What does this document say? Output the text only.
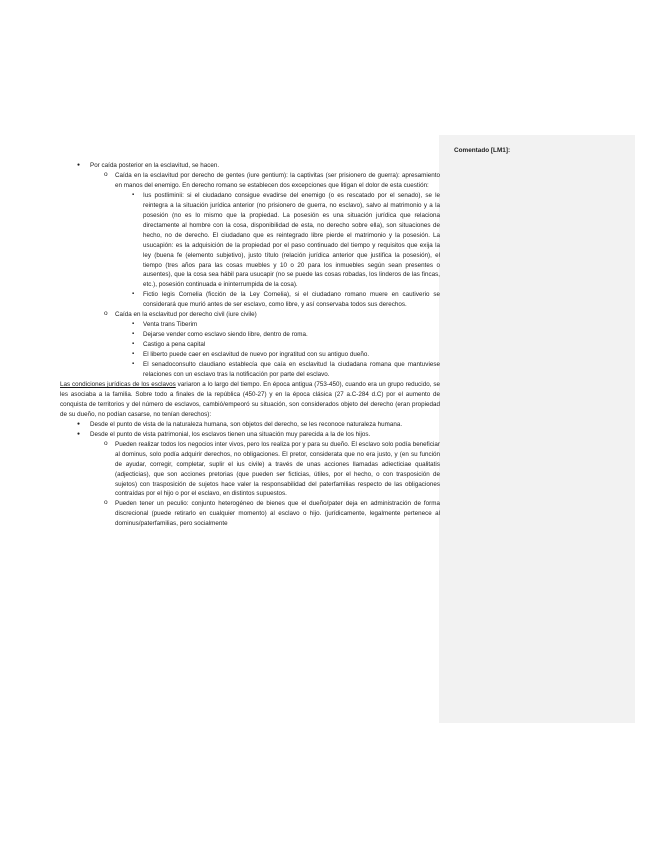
Comentado [LM1]:
● Por caída posterior en la esclavitud, se hacen.
o Caída en la esclavitud por derecho de gentes (iure gentium): la captivitas (ser prisionero de guerra): apresamiento en manos del enemigo. En derecho romano se establecen dos excepciones que litigan el dolor de esta cuestión:
▪ Ius postliminii: si el ciudadano consigue evadirse del enemigo (o es rescatado por el senado), se le reintegra a la situación jurídica anterior (no prisionero de guerra, no esclavo), salvo al matrimonio y a la posesión (no es lo mismo que la propiedad. La posesión es una situación jurídica que relaciona directamente al hombre con la cosa, disponibilidad de esta, no derecho sobre ella), son situaciones de hecho, no de derecho. El ciudadano que es reintegrado libre pierde el matrimonio y la posesión. La usucapión: es la adquisición de la propiedad por el paso continuado del tiempo y requisitos que exija la ley (buena fe (elemento subjetivo), justo título (relación jurídica anterior que justifica la posesión), el tiempo (tres años para las cosas muebles y 10 o 20 para los inmuebles según sean presentes o ausentes), que la cosa sea hábil para usucapir (no se puede las cosas robadas, los linderos de las fincas, etc.), posesión continuada e ininterrumpida de la cosa).
▪ Fictio legis Cornelia (ficción de la Ley Cornelia), si el ciudadano romano muere en cautiverio se considerará que murió antes de ser esclavo, como libre, y así conservaba todos sus derechos.
o Caída en la esclavitud por derecho civil (iure civile)
▪ Venta trans Tiberim
▪ Dejarse vender como esclavo siendo libre, dentro de roma.
▪ Castigo a pena capital
▪ El liberto puede caer en esclavitud de nuevo por ingratitud con su antiguo dueño.
▪ El senadoconsulto claudiano establecía que caía en esclavitud la ciudadana romana que mantuviese relaciones con un esclavo tras la notificación por parte del esclavo.

Las condiciones jurídicas de los esclavos variaron a lo largo del tiempo. En época antigua (753-450), cuando era un grupo reducido, se les asociaba a la familia. Sobre todo a finales de la república (450-27) y en la época clásica (27 a.C-284 d.C) por el aumento de conquista de territorios y del número de esclavos, cambió/empeoró su situación, son considerados objeto del derecho (eran propiedad de su dueño, no podían casarse, no tenían derechos):

● Desde el punto de vista de la naturaleza humana, son objetos del derecho, se les reconoce naturaleza humana.
● Desde el punto de vista patrimonial, los esclavos tienen una situación muy parecida a la de los hijos.
o Pueden realizar todos los negocios inter vivos, pero los realiza por y para su dueño. El esclavo solo podía beneficiar al dominus, solo podía adquirir derechos, no obligaciones. El pretor, considerata que no era justo, y (en su función de ayudar, corregir, completar, suplir el ius civile) a través de unas acciones llamadas adiecticiae qualitatis (adjecticias), que son acciones pretorias (que pueden ser ficticias, útiles, por el hecho, o con trasposición de sujetos) con trasposición de sujetos hace valer la responsabilidad del paterfamilias respecto de las obligaciones contraídas por el hijo o por el esclavo, en distintos supuestos.
o Pueden tener un peculio: conjunto heterogéneo de bienes que el dueño/pater deja en administración de forma discrecional (puede retirarlo en cualquier momento) al esclavo o hijo. (jurídicamente, legalmente pertenece al dominus/paterfamilias, pero socialmente
